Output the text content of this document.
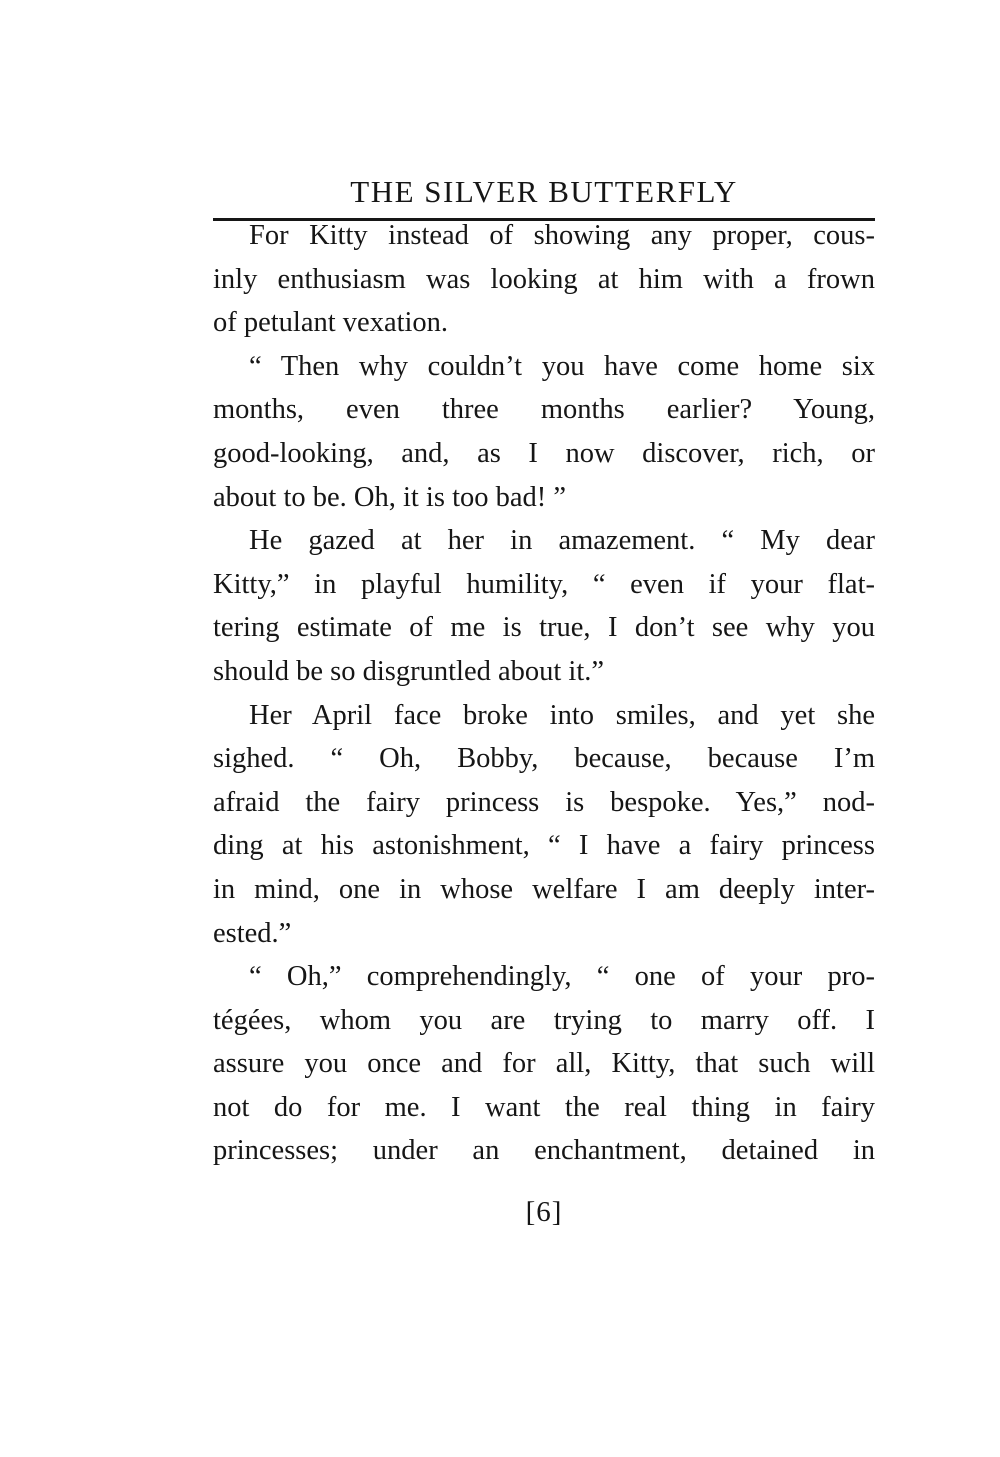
THE SILVER BUTTERFLY
For Kitty instead of showing any proper, cous-
inly enthusiasm was looking at him with a frown
of petulant vexation.
“ Then why couldn’t you have come home six
months, even three months earlier? Young,
good-looking, and, as I now discover, rich, or
about to be. Oh, it is too bad! ”
He gazed at her in amazement. “ My dear
Kitty,” in playful humility, “ even if your flat-
tering estimate of me is true, I don’t see why you
should be so disgruntled about it.”
Her April face broke into smiles, and yet she
sighed. “ Oh, Bobby, because, because I’m
afraid the fairy princess is bespoke. Yes,” nod-
ding at his astonishment, “ I have a fairy princess
in mind, one in whose welfare I am deeply inter-
ested.”
“ Oh,” comprehendingly, “ one of your pro-
tégées, whom you are trying to marry off. I
assure you once and for all, Kitty, that such will
not do for me. I want the real thing in fairy
princesses; under an enchantment, detained in
[6]
